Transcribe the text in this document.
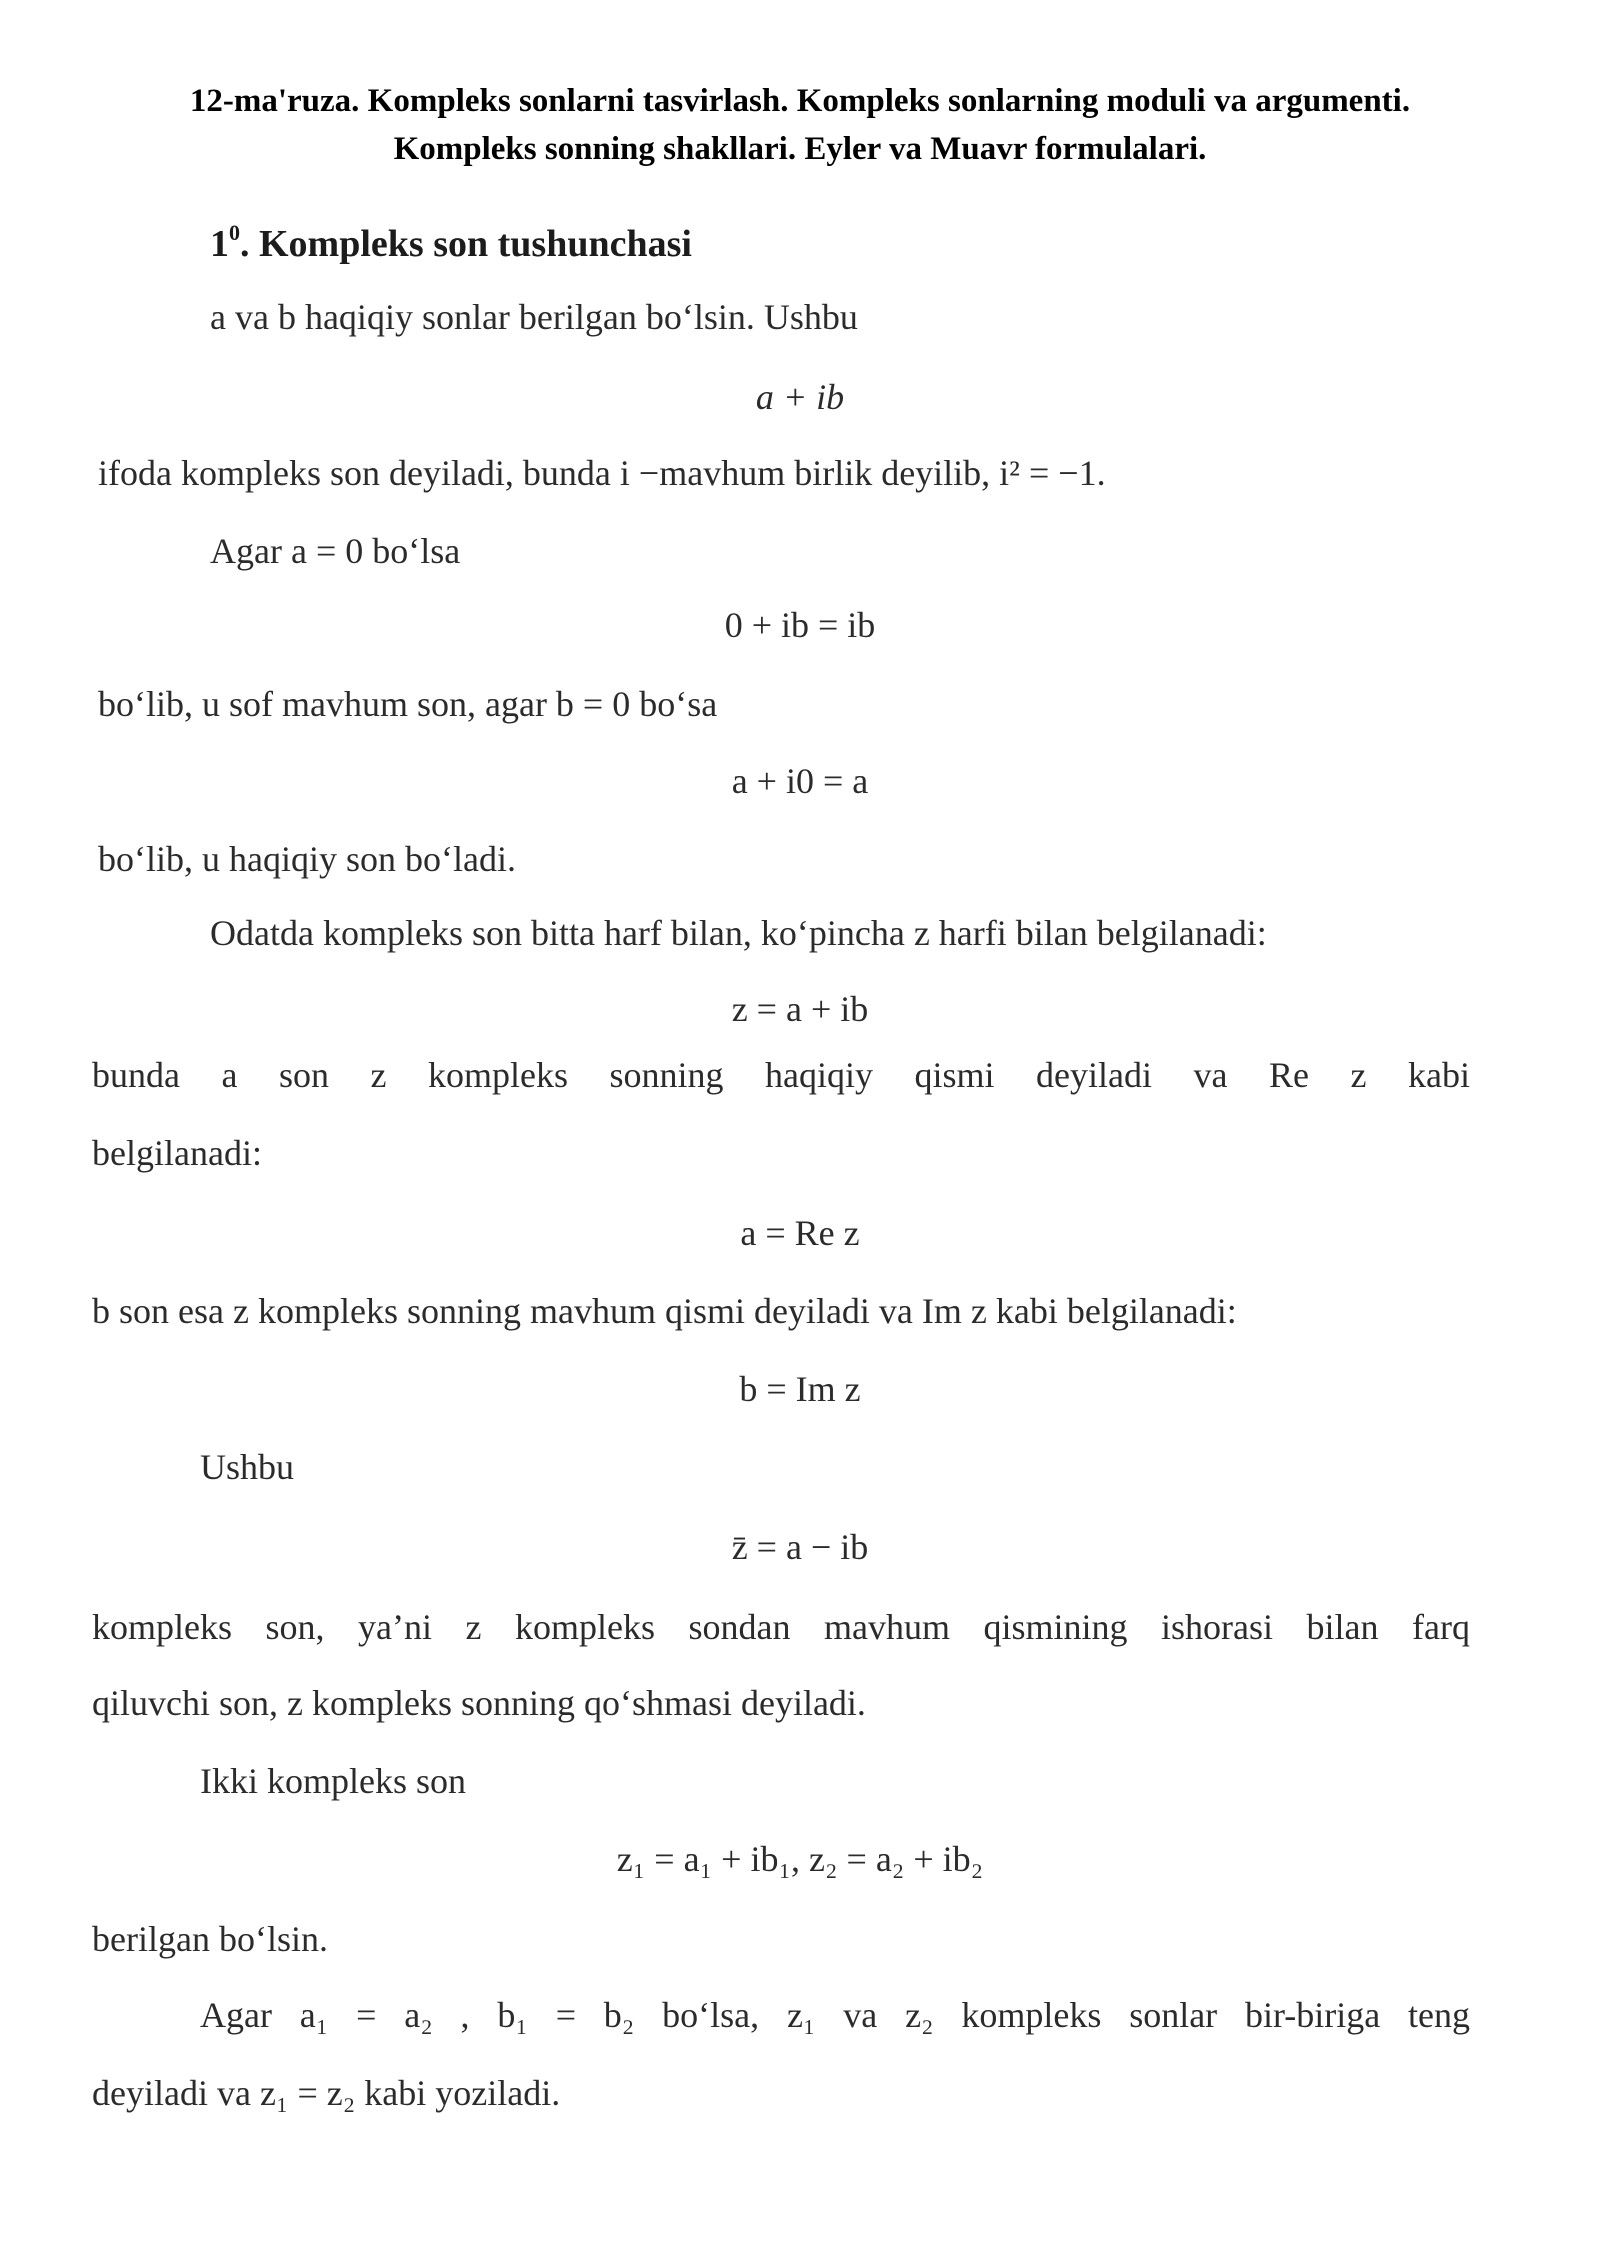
12-ma'ruza. Kompleks sonlarni tasvirlash. Kompleks sonlarning moduli va argumenti.
Kompleks sonning shakllari. Eyler va Muavr formulalari.
$1^0$. Kompleks son tushunchasi
a va b haqiqiy sonlar berilgan bo‘lsin. Ushbu
a + ib
ifoda kompleks son deyiladi, bunda i −mavhum birlik deyilib, i² = −1.
Agar a = 0 bo‘lsa
0 + ib = ib
bo‘lib, u sof mavhum son, agar b = 0 bo‘sa
a + i0 = a
bo‘lib, u haqiqiy son bo‘ladi.
Odatda kompleks son bitta harf bilan, ko‘pincha z harfi bilan belgilanadi:
z = a + ib
bunda a son z kompleks sonning haqiqiy qismi deyiladi va Re z kabi
belgilanadi:
a = Re z
b son esa z kompleks sonning mavhum qismi deyiladi va Im z kabi belgilanadi:
b = Im z
Ushbu
z̄ = a − ib
kompleks son, ya’ni z kompleks sondan mavhum qismining ishorasi bilan farq
qiluvchi son, z kompleks sonning qo‘shmasi deyiladi.
Ikki kompleks son
z₁ = a₁ + ib₁, z₂ = a₂ + ib₂
berilgan bo‘lsin.
Agar a₁ = a₂ , b₁ = b₂ bo‘lsa, z₁ va z₂ kompleks sonlar bir-biriga teng
deyiladi va z₁ = z₂ kabi yoziladi.
